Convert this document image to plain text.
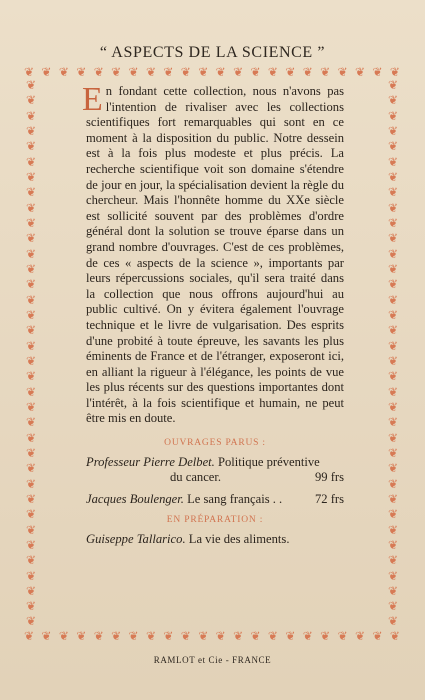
“ ASPECTS DE LA SCIENCE ”
❦ ❦ ❦ ❦ ❦ ❦ ❦ ❦ ❦ ❦ ❦ ❦ ❦ ❦ ❦ ❦ ❦ ❦ ❦ ❦ ❦ ❦
❦
❦
❦
❦
❦
❦
❦
❦
❦
❦
❦
❦
❦
❦
❦
❦
❦
❦
❦
❦
❦
❦
❦
❦
❦
❦
❦
❦
❦
❦
❦
❦
❦
❦
❦
❦
❦
❦
❦
❦
❦
❦
❦
❦
❦
❦
❦
❦
❦
❦
❦
❦
❦
❦
❦
❦
❦
❦
❦
❦
❦
❦
❦
❦
❦
❦
❦
❦
❦
❦
❦
❦
❦ ❦ ❦ ❦ ❦ ❦ ❦ ❦ ❦ ❦ ❦ ❦ ❦ ❦ ❦ ❦ ❦ ❦ ❦ ❦ ❦ ❦
En fondant cette collection, nous n'avons pas l'intention de rivaliser avec les collections scientifiques fort remarquables qui sont en ce moment à la disposition du public. Notre dessein est à la fois plus modeste et plus précis. La recherche scientifique voit son domaine s'étendre de jour en jour, la spécialisation devient la règle du chercheur. Mais l'honnête homme du XXe siècle est sollicité souvent par des problèmes d'ordre général dont la solution se trouve éparse dans un grand nombre d'ouvrages. C'est de ces problèmes, de ces « aspects de la science », importants par leurs répercussions sociales, qu'il sera traité dans la collection que nous offrons aujourd'hui au public cultivé. On y évitera également l'ouvrage technique et le livre de vulgarisation. Des esprits d'une probité à toute épreuve, les savants les plus éminents de France et de l'étranger, exposeront ici, en alliant la rigueur à l'élégance, les points de vue les plus récents sur des questions importantes dont l'intérêt, à la fois scientifique et humain, ne peut être mis en doute.
OUVRAGES PARUS :
Professeur Pierre Delbet. Politique préventive
du cancer.	99 frs
Jacques Boulenger. Le sang français . .	72 frs
EN PRÉPARATION :
Guiseppe Tallarico. La vie des aliments.
RAMLOT et Cie - FRANCE
